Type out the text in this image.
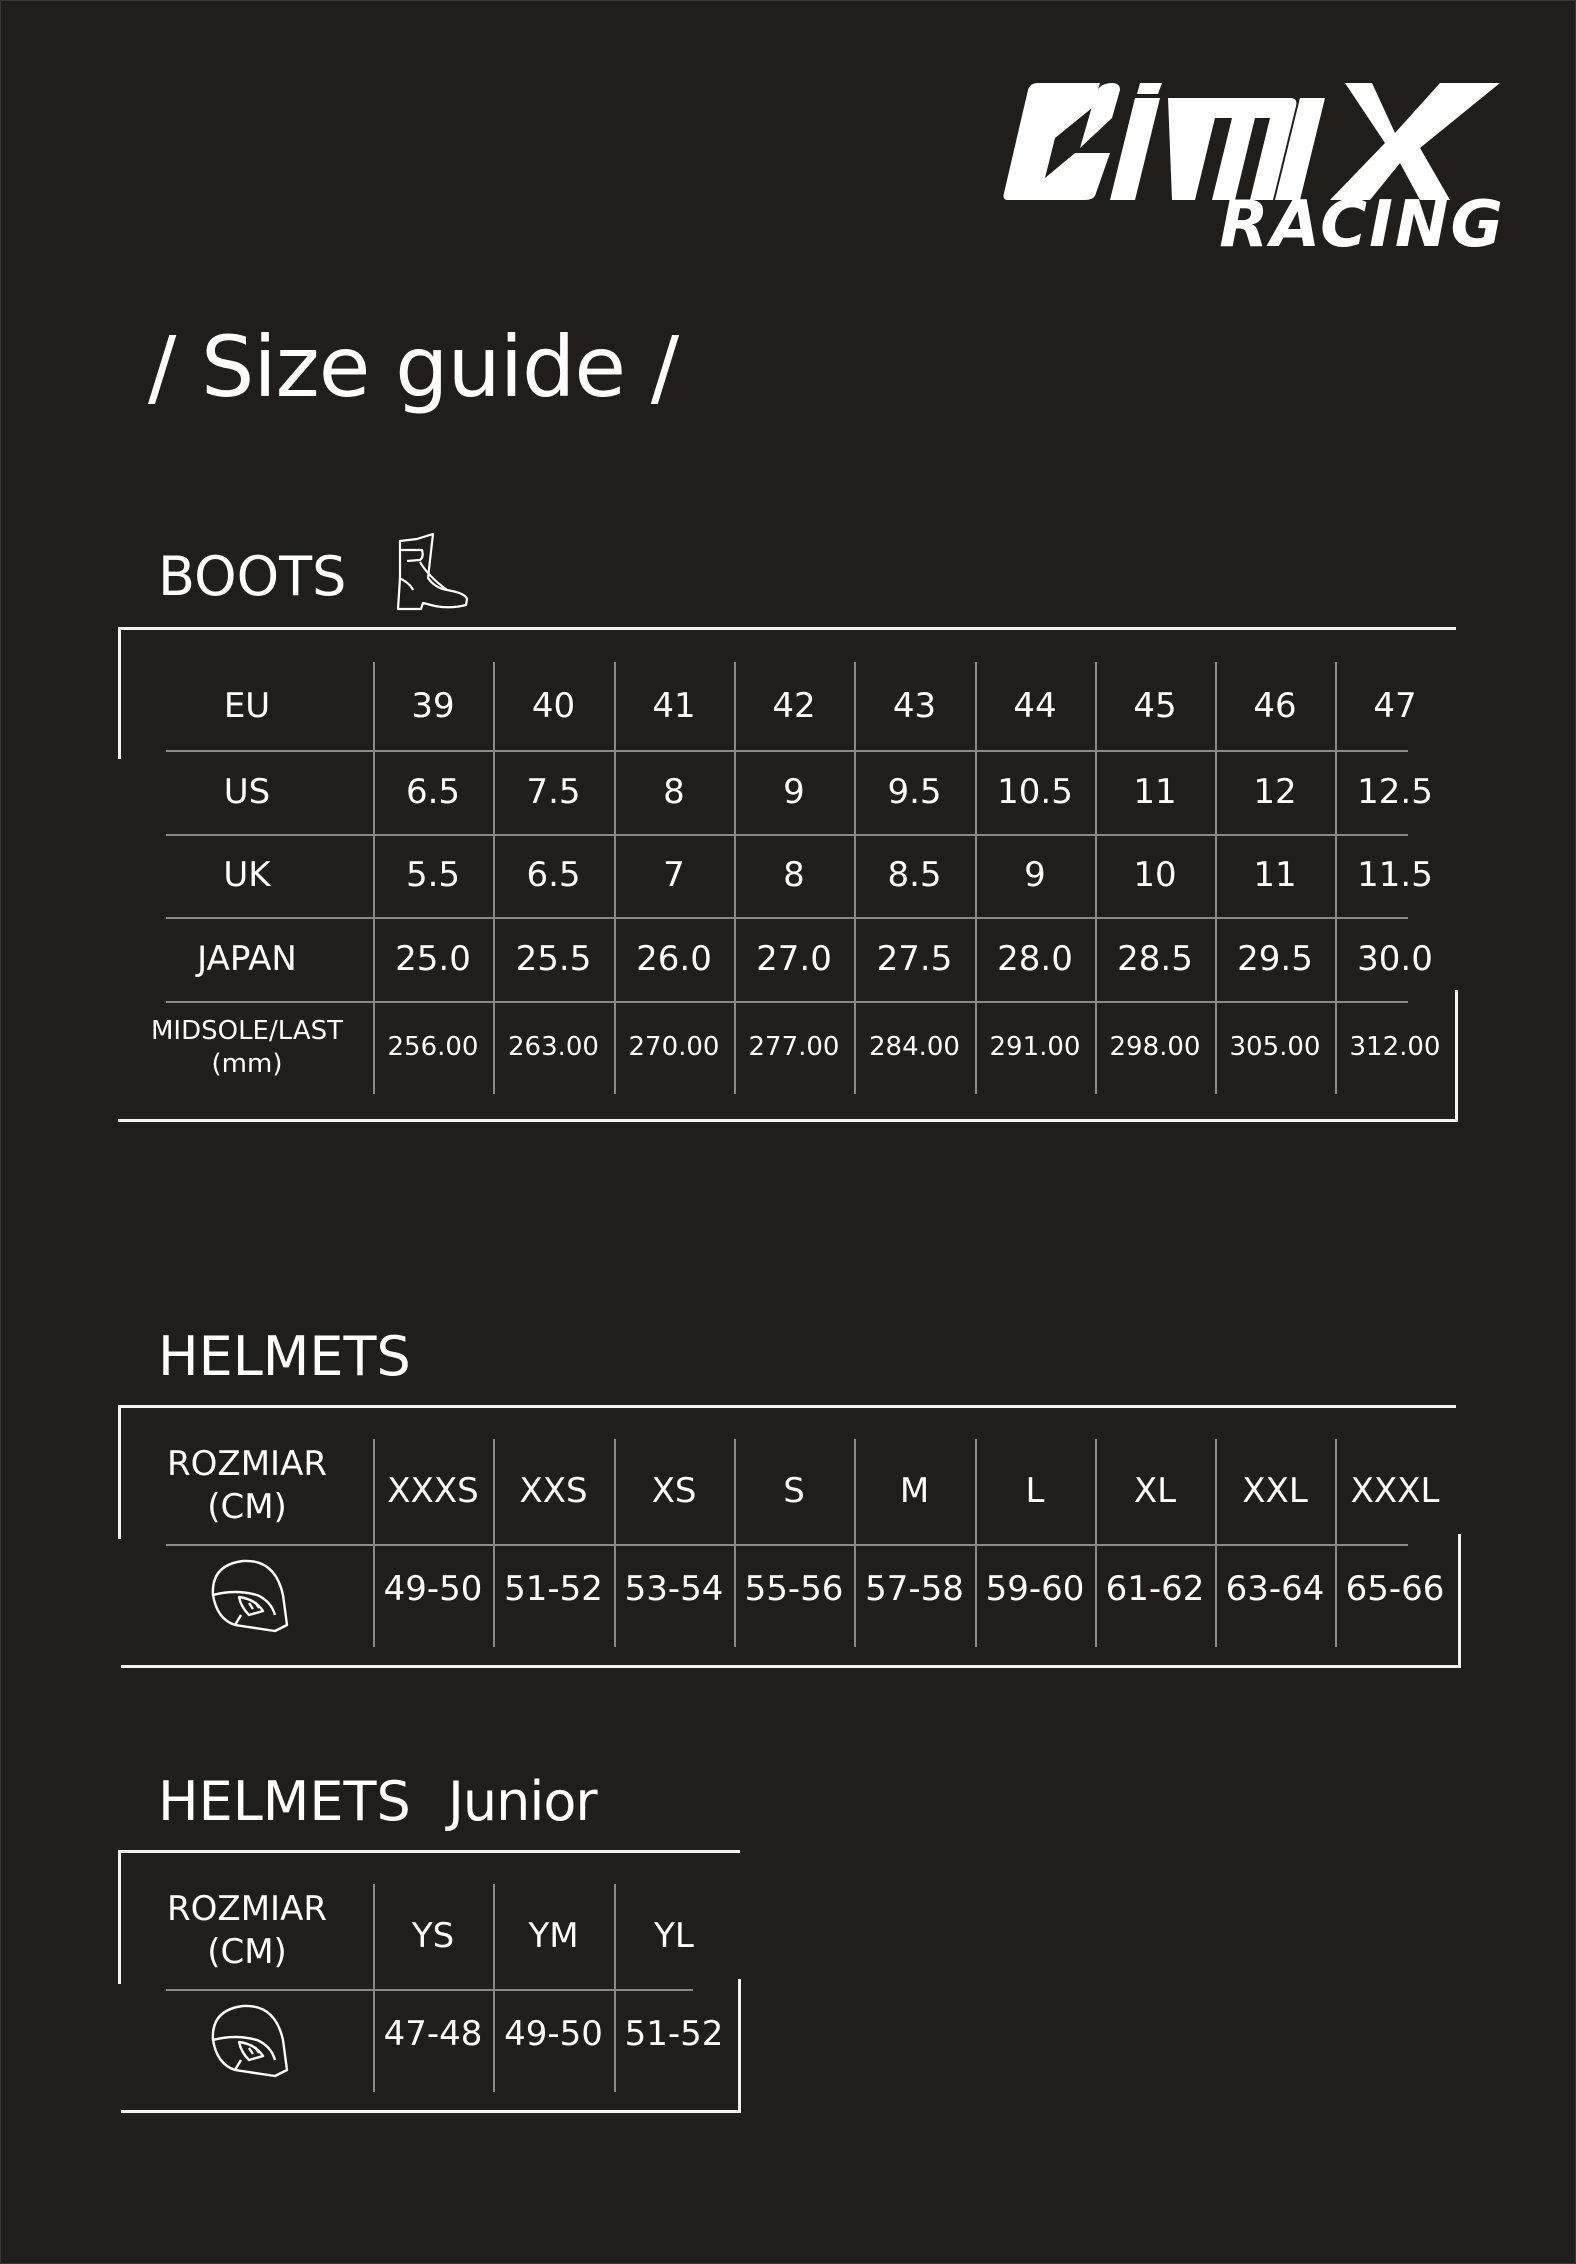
RACING
/ Size guide /
BOOTS
EU	39	40	41	42	43	44	45	46	47
US	6.5	7.5	8	9	9.5	10.5	11	12	12.5
UK	5.5	6.5	7	8	8.5	9	10	11	11.5
JAPAN	25.0	25.5	26.0	27.0	27.5	28.0	28.5	29.5	30.0
MIDSOLE/LAST
(mm)
256.00	263.00	270.00	277.00	284.00	291.00	298.00	305.00	312.00
HELMETS
ROZMIAR
(CM)	XXXS	XXS	XS	S	M	L	XL	XXL	XXXL
49-50 51-52 53-54 55-56 57-58 59-60 61-62 63-64 65-66
HELMETS Junior
ROZMIAR
(CM)	YS	YM	YL
47-48 49-50 51-52
